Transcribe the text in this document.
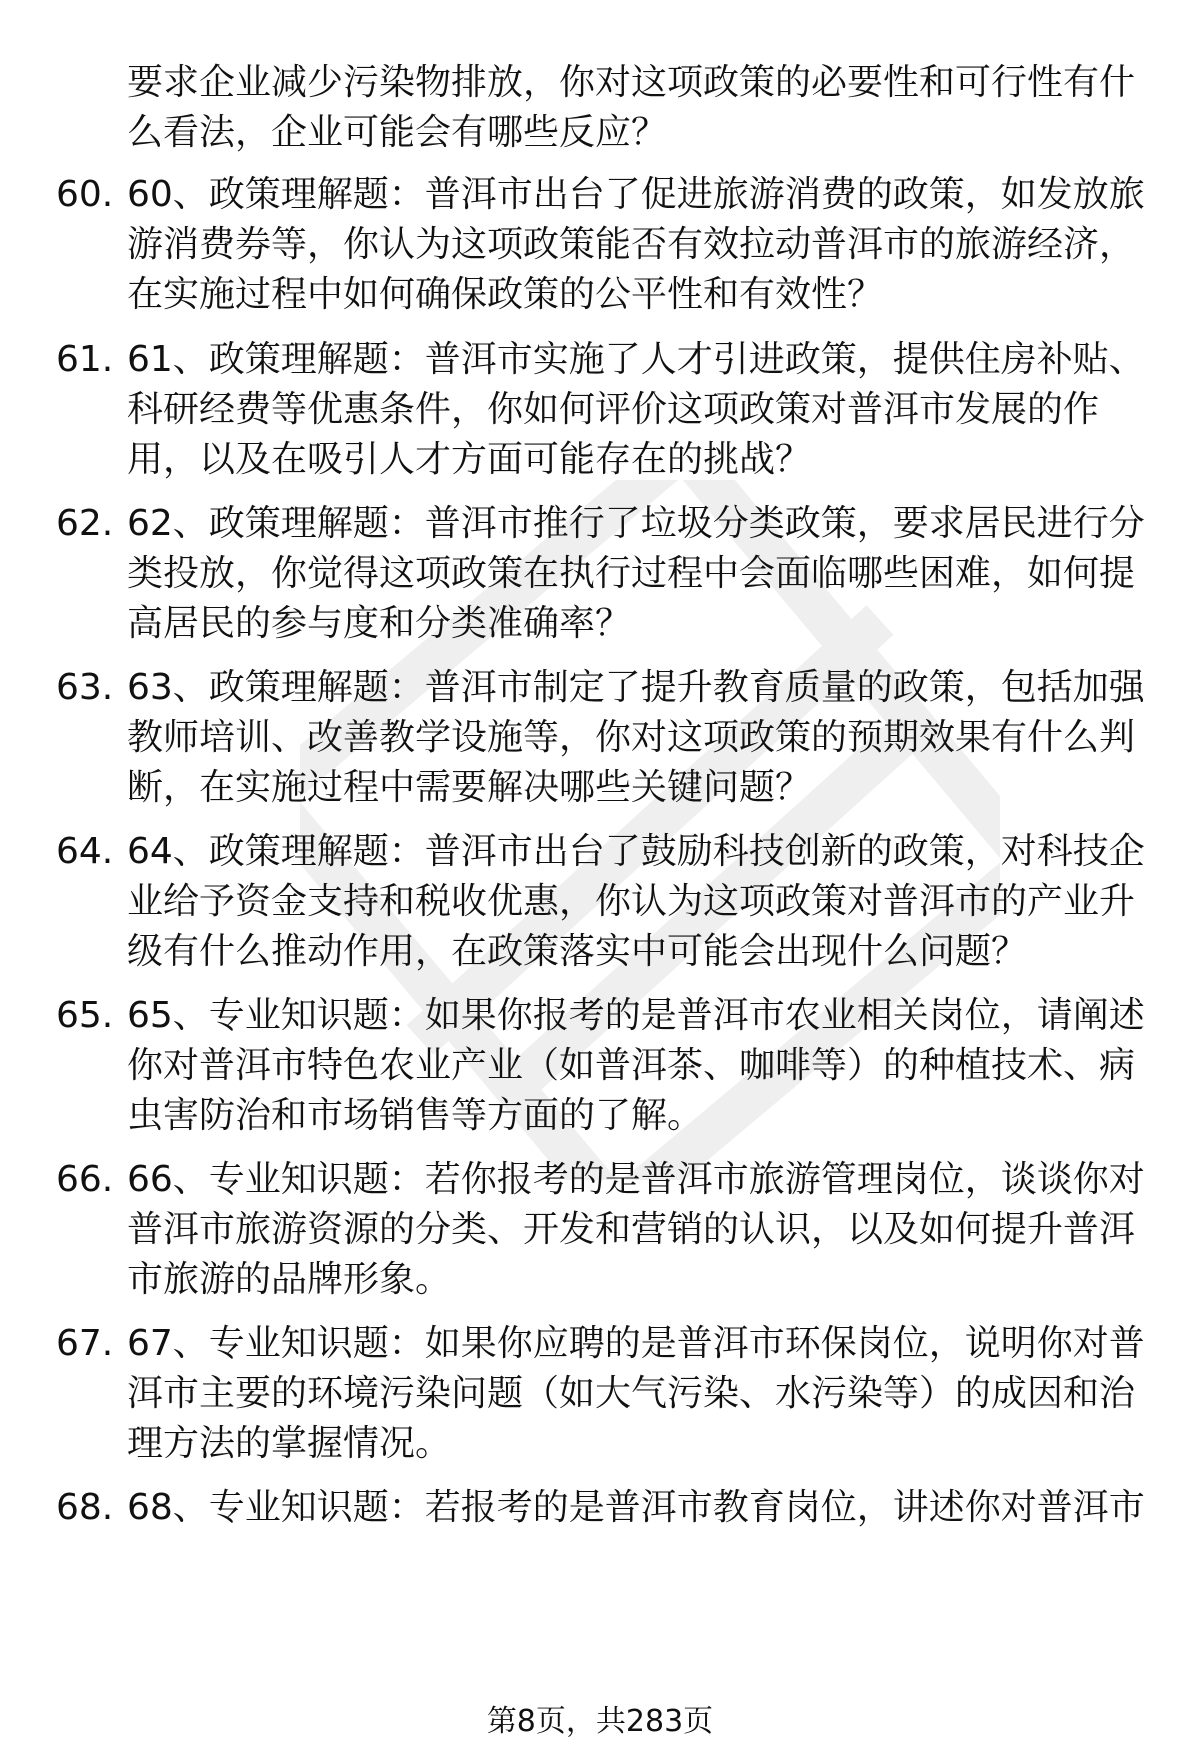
要求企业减少污染物排放，你对这项政策的必要性和可行性有什么看法，企业可能会有哪些反应？
60. 60、政策理解题：普洱市出台了促进旅游消费的政策，如发放旅游消费券等，你认为这项政策能否有效拉动普洱市的旅游经济，在实施过程中如何确保政策的公平性和有效性？
61. 61、政策理解题：普洱市实施了人才引进政策，提供住房补贴、科研经费等优惠条件，你如何评价这项政策对普洱市发展的作用，以及在吸引人才方面可能存在的挑战？
62. 62、政策理解题：普洱市推行了垃圾分类政策，要求居民进行分类投放，你觉得这项政策在执行过程中会面临哪些困难，如何提高居民的参与度和分类准确率？
63. 63、政策理解题：普洱市制定了提升教育质量的政策，包括加强教师培训、改善教学设施等，你对这项政策的预期效果有什么判断，在实施过程中需要解决哪些关键问题？
64. 64、政策理解题：普洱市出台了鼓励科技创新的政策，对科技企业给予资金支持和税收优惠，你认为这项政策对普洱市的产业升级有什么推动作用，在政策落实中可能会出现什么问题？
65. 65、专业知识题：如果你报考的是普洱市农业相关岗位，请阐述你对普洱市特色农业产业（如普洱茶、咖啡等）的种植技术、病虫害防治和市场销售等方面的了解。
66. 66、专业知识题：若你报考的是普洱市旅游管理岗位，谈谈你对普洱市旅游资源的分类、开发和营销的认识，以及如何提升普洱市旅游的品牌形象。
67. 67、专业知识题：如果你应聘的是普洱市环保岗位，说明你对普洱市主要的环境污染问题（如大气污染、水污染等）的成因和治理方法的掌握情况。
68. 68、专业知识题：若报考的是普洱市教育岗位，讲述你对普洱市
第8页，共283页
